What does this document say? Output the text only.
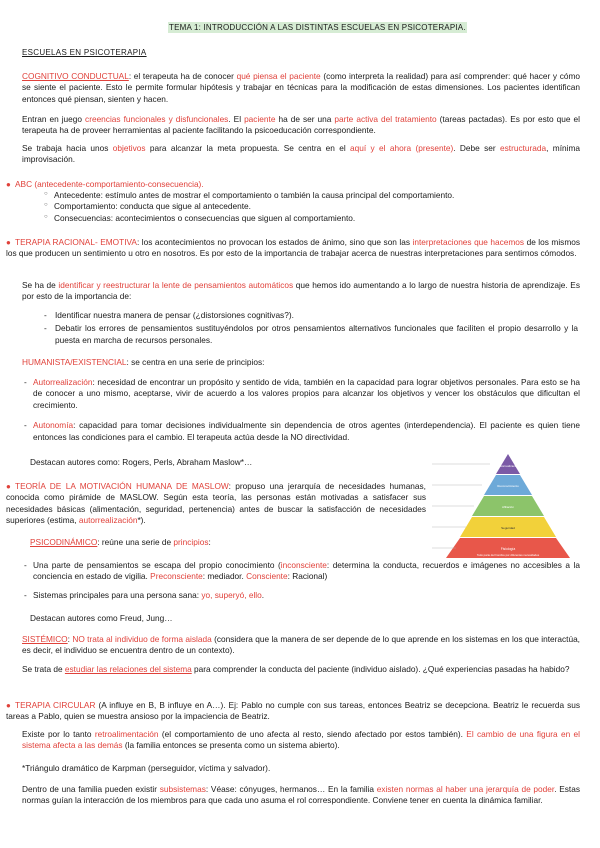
TEMA 1: INTRODUCCIÓN A LAS DISTINTAS ESCUELAS EN PSICOTERAPIA.
ESCUELAS EN PSICOTERAPIA
COGNITIVO CONDUCTUAL: el terapeuta ha de conocer qué piensa el paciente (como interpreta la realidad) para así comprender: qué hacer y cómo se siente el paciente. Esto le permite formular hipótesis y trabajar en técnicas para la modificación de estas dimensiones. Los pacientes identifican entonces qué piensan, sienten y hacen.
Entran en juego creencias funcionales y disfuncionales. El paciente ha de ser una parte activa del tratamiento (tareas pactadas). Es por esto que el terapeuta ha de proveer herramientas al paciente facilitando la psicoeducación correspondiente.
Se trabaja hacia unos objetivos para alcanzar la meta propuesta. Se centra en el aquí y el ahora (presente). Debe ser estructurada, mínima improvisación.
● ABC (antecedente-comportamiento-consecuencia).
○ Antecedente: estímulo antes de mostrar el comportamiento o también la causa principal del comportamiento.
○ Comportamiento: conducta que sigue al antecedente.
○ Consecuencias: acontecimientos o consecuencias que siguen al comportamiento.
● TERAPIA RACIONAL- EMOTIVA: los acontecimientos no provocan los estados de ánimo, sino que son las interpretaciones que hacemos de los mismos los que producen un sentimiento u otro en nosotros. Es por esto de la importancia de trabajar acerca de nuestras interpretaciones para sentirnos cómodos.
Se ha de identificar y reestructurar la lente de pensamientos automáticos que hemos ido aumentando a lo largo de nuestra historia de aprendizaje. Es por esto de la importancia de:
- Identificar nuestra manera de pensar (¿distorsiones cognitivas?).
- Debatir los errores de pensamientos sustituyéndolos por otros pensamientos alternativos funcionales que faciliten el propio desarrollo y la puesta en marcha de recursos personales.
HUMANISTA/EXISTENCIAL: se centra en una serie de principios:
- Autorrealización: necesidad de encontrar un propósito y sentido de vida, también en la capacidad para lograr objetivos personales. Para esto se ha de conocer a uno mismo, aceptarse, vivir de acuerdo a los valores propios para alcanzar los objetivos y vencer los obstáculos que dificultan el crecimiento.
- Autonomía: capacidad para tomar decisiones individualmente sin dependencia de otros agentes (interdependencia). El paciente es quien tiene entonces las condiciones para el cambio. El terapeuta actúa desde la NO directividad.
Destacan autores como: Rogers, Perls, Abraham Maslow*…
● TEORÍA DE LA MOTIVACIÓN HUMANA DE MASLOW: propuso una jerarquía de necesidades humanas, conocida como pirámide de MASLOW. Según esta teoría, las personas están motivadas a satisfacer sus necesidades básicas (alimentación, seguridad, pertenencia) antes de buscar la satisfacción de necesidades superiores (estima, autorrealización*).
Autorrealización
Reconocimiento
Afiliación
Seguridad
Fisiología
Todo parte del hombre por diferentes necesidades
PSICODINÁMICO: reúne una serie de principios:
- Una parte de pensamientos se escapa del propio conocimiento (inconsciente: determina la conducta, recuerdos e imágenes no accesibles a la conciencia en estado de vigilia. Preconsciente: mediador. Consciente: Racional)
- Sistemas principales para una persona sana: yo, superyó, ello.
Destacan autores como Freud, Jung…
SISTÉMICO: NO trata al individuo de forma aislada (considera que la manera de ser depende de lo que aprende en los sistemas en los que interactúa, es decir, el individuo se encuentra dentro de un contexto).
Se trata de estudiar las relaciones del sistema para comprender la conducta del paciente (individuo aislado). ¿Qué experiencias pasadas ha habido?
● TERAPIA CIRCULAR (A influye en B, B influye en A…). Ej: Pablo no cumple con sus tareas, entonces Beatriz se decepciona. Beatriz le recuerda sus tareas a Pablo, quien se muestra ansioso por la impaciencia de Beatriz.
Existe por lo tanto retroalimentación (el comportamiento de uno afecta al resto, siendo afectado por estos también). El cambio de una figura en el sistema afecta a las demás (la familia entonces se presenta como un sistema abierto).
*Triángulo dramático de Karpman (perseguidor, víctima y salvador).
Dentro de una familia pueden existir subsistemas: Véase: cónyuges, hermanos… En la familia existen normas al haber una jerarquía de poder. Estas normas guían la interacción de los miembros para que cada uno asuma el rol correspondiente. Conviene tener en cuenta la dinámica familiar.
